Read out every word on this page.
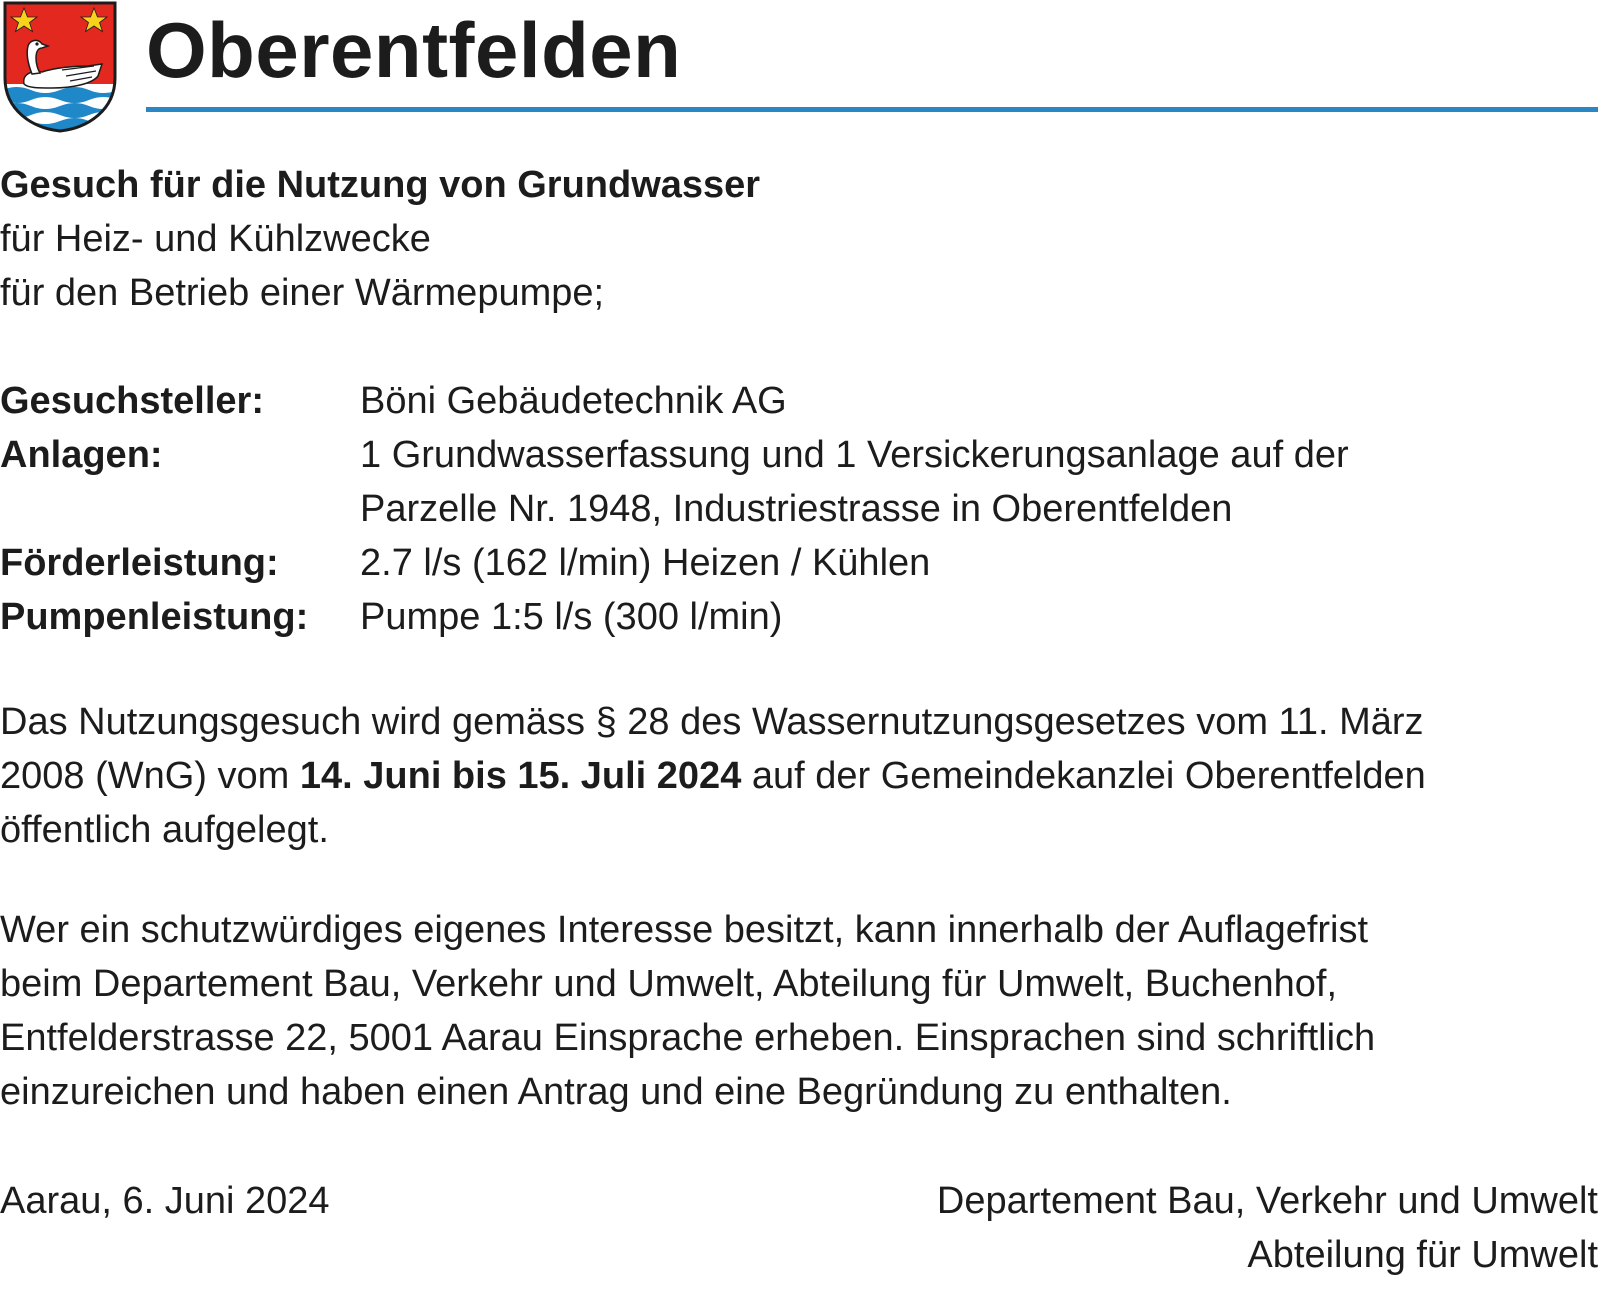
Oberentfelden
Gesuch für die Nutzung von Grundwasser
für Heiz- und Kühlzwecke
für den Betrieb einer Wärmepumpe;
Gesuchsteller:	Böni Gebäudetechnik AG
Anlagen:	1 Grundwasserfassung und 1 Versickerungsanlage auf der
Parzelle Nr. 1948, Industriestrasse in Oberentfelden
Förderleistung:	2.7 l/s (162 l/min) Heizen / Kühlen
Pumpenleistung:	Pumpe 1:5 l/s (300 l/min)
Das Nutzungsgesuch wird gemäss § 28 des Wassernutzungsgesetzes vom 11. März
2008 (WnG) vom 14. Juni bis 15. Juli 2024 auf der Gemeindekanzlei Oberentfelden
öffentlich aufgelegt.
Wer ein schutzwürdiges eigenes Interesse besitzt, kann innerhalb der Auflagefrist
beim Departement Bau, Verkehr und Umwelt, Abteilung für Umwelt, Buchenhof,
Entfelderstrasse 22, 5001 Aarau Einsprache erheben. Einsprachen sind schriftlich
einzureichen und haben einen Antrag und eine Begründung zu enthalten.
Aarau, 6. Juni 2024	Departement Bau, Verkehr und Umwelt
Abteilung für Umwelt
